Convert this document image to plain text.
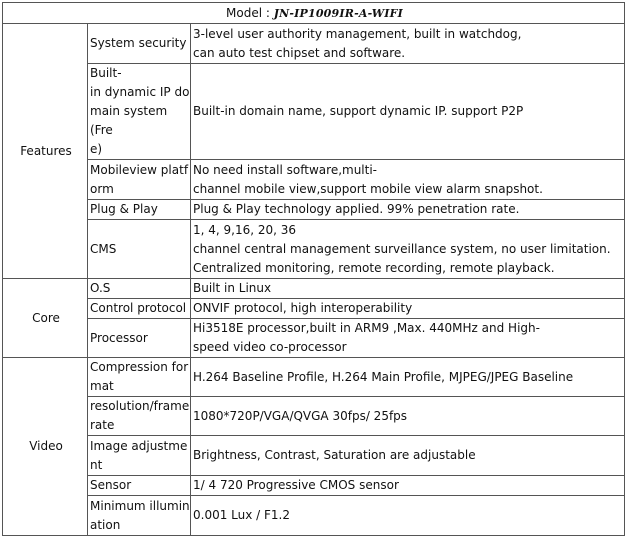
Model : JN-IP1009IR-A-WIFI		
Features	System security	3-level user authority management, built in watchdog,
can auto test chipset and software.
	Built-
in dynamic IP do
main system (Fre
e)	Built-in domain name, support dynamic IP. support P2P
	Mobileview platf
orm	No need install software,multi-
channel mobile view,support mobile view alarm snapshot.
	Plug & Play	Plug & Play technology applied. 99% penetration rate.
	CMS	1, 4, 9,16, 20, 36
channel central management surveillance system, no user limitation.
Centralized monitoring, remote recording, remote playback.
Core	O.S	Built in Linux
	Control protocol	ONVIF protocol, high interoperability
	Processor	Hi3518E processor,built in ARM9 ,Max. 440MHz and High-
speed video co-processor
Video	Compression for
mat	H.264 Baseline Profile, H.264 Main Profile, MJPEG/JPEG Baseline
	resolution/frame
rate	1080*720P/VGA/QVGA 30fps/ 25fps
	Image adjustme
nt	Brightness, Contrast, Saturation are adjustable
	Sensor	1/ 4 720 Progressive CMOS sensor
	Minimum illumin
ation	0.001 Lux / F1.2
